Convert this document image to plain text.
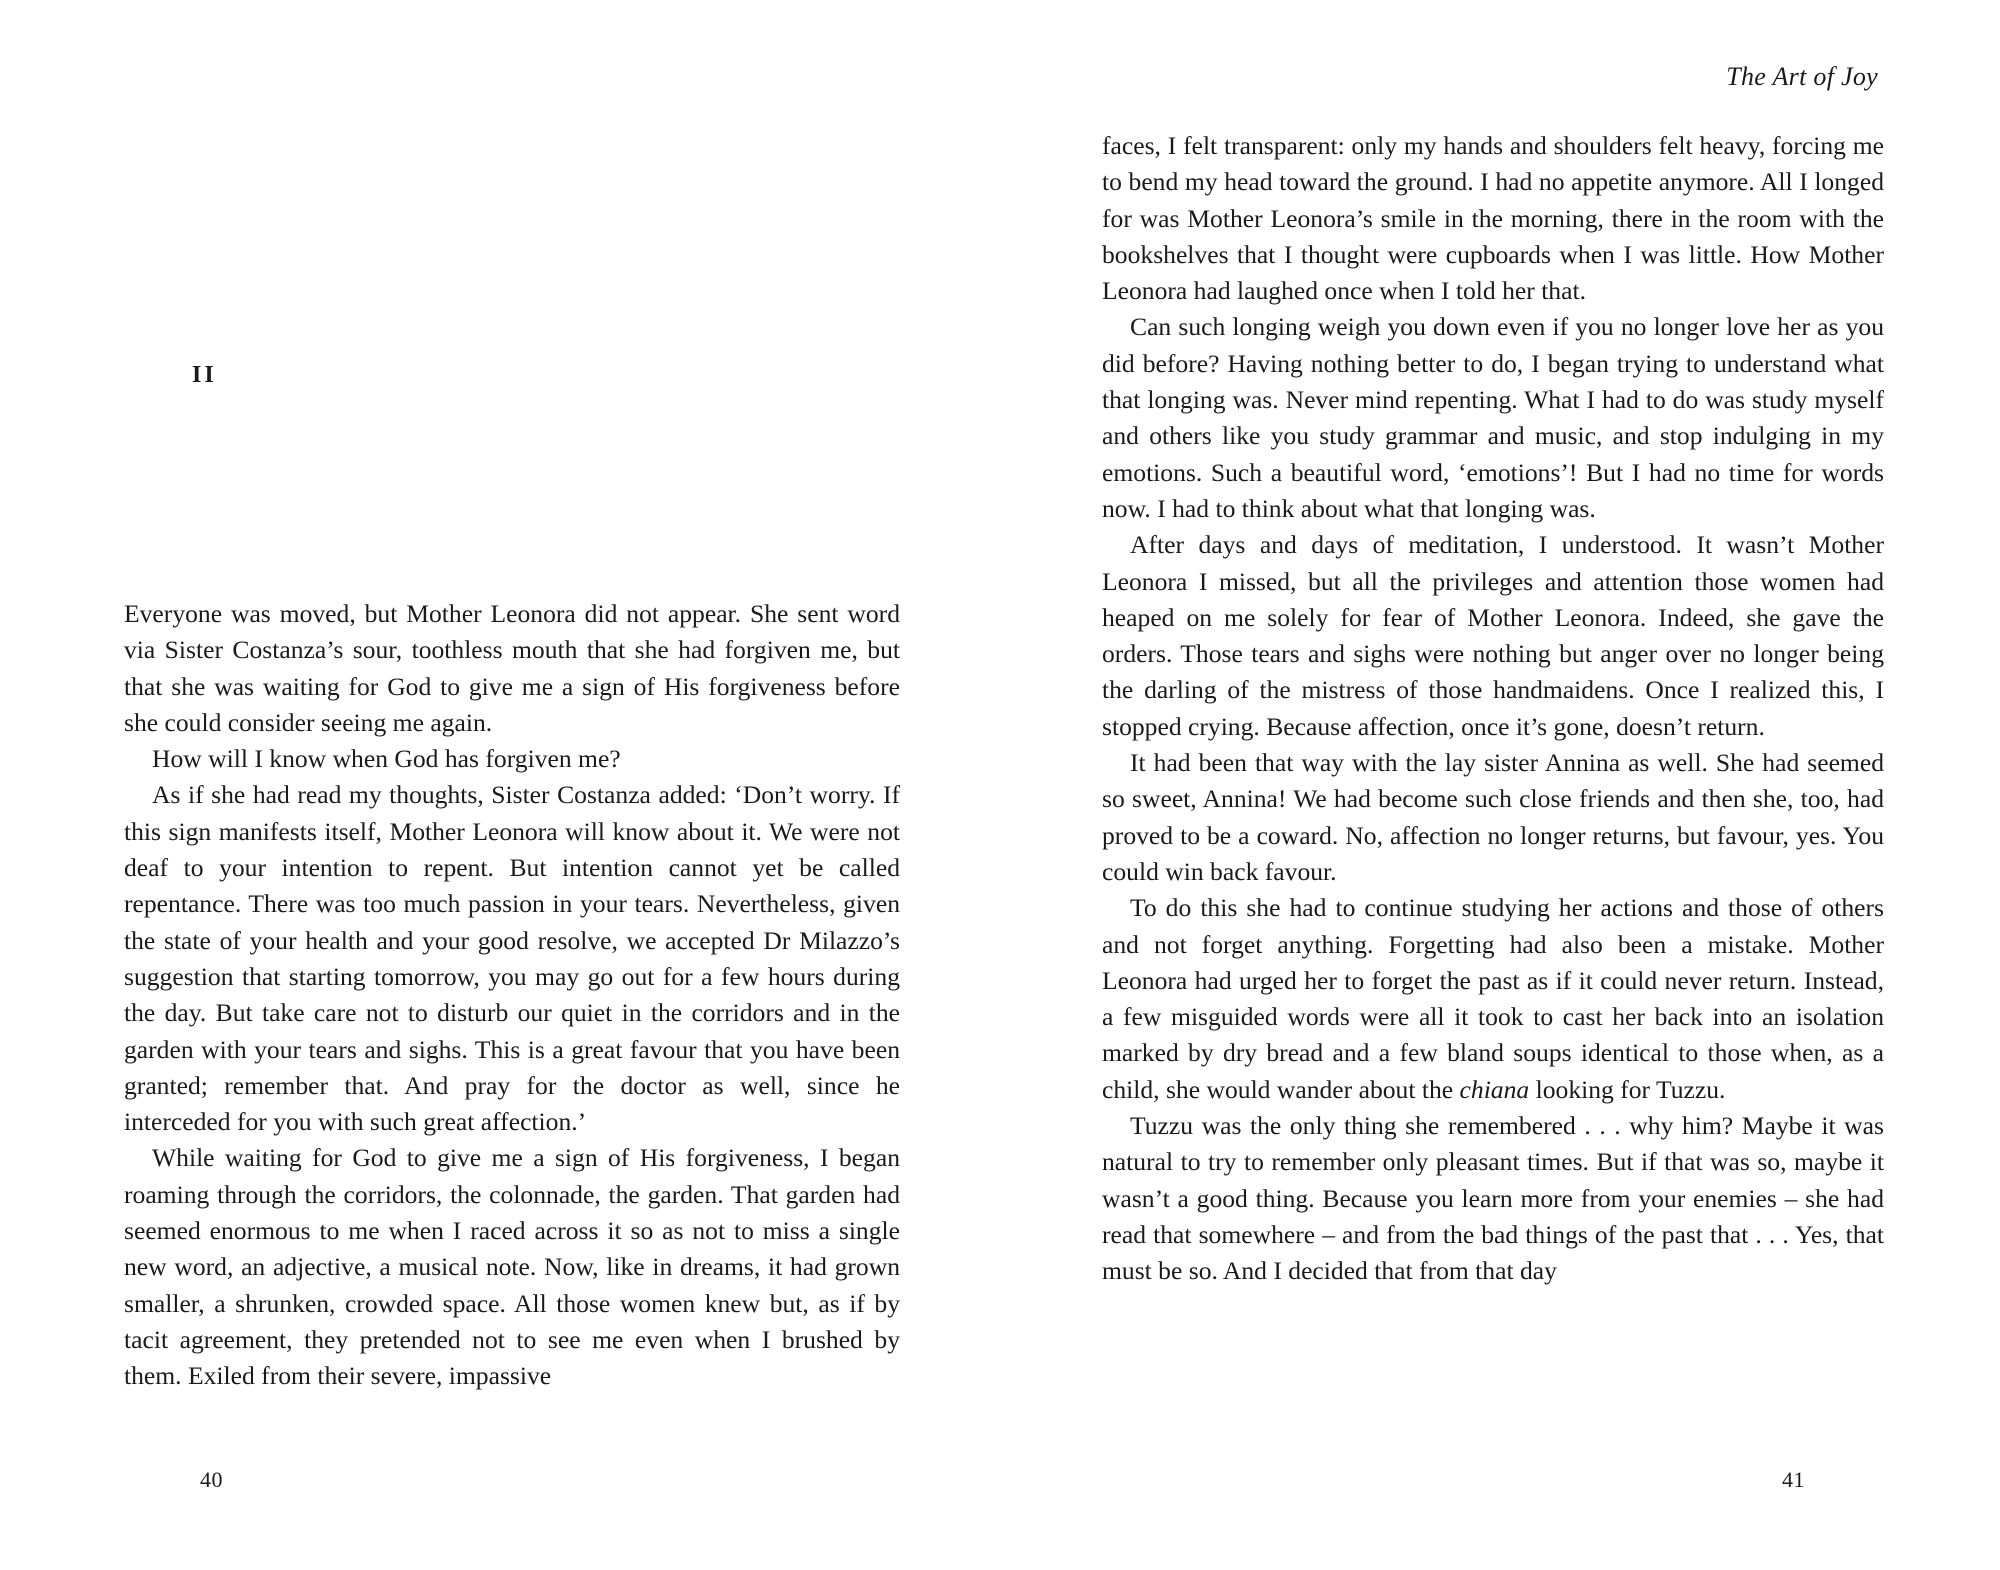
II

Everyone was moved, but Mother Leonora did not appear. She sent word via Sister Costanza’s sour, toothless mouth that she had forgiven me, but that she was waiting for God to give me a sign of His forgiveness before she could consider seeing me again.

How will I know when God has forgiven me?

As if she had read my thoughts, Sister Costanza added: ‘Don’t worry. If this sign manifests itself, Mother Leonora will know about it. We were not deaf to your intention to repent. But intention cannot yet be called repentance. There was too much passion in your tears. Nevertheless, given the state of your health and your good resolve, we accepted Dr Milazzo’s suggestion that starting tomorrow, you may go out for a few hours during the day. But take care not to disturb our quiet in the corridors and in the garden with your tears and sighs. This is a great favour that you have been granted; remember that. And pray for the doctor as well, since he interceded for you with such great affection.’

While waiting for God to give me a sign of His forgiveness, I began roaming through the corridors, the colonnade, the garden. That garden had seemed enormous to me when I raced across it so as not to miss a single new word, an adjective, a musical note. Now, like in dreams, it had grown smaller, a shrunken, crowded space. All those women knew but, as if by tacit agreement, they pretended not to see me even when I brushed by them. Exiled from their severe, impassive

40
The Art of Joy

faces, I felt transparent: only my hands and shoulders felt heavy, forcing me to bend my head toward the ground. I had no appetite anymore. All I longed for was Mother Leonora’s smile in the morning, there in the room with the bookshelves that I thought were cupboards when I was little. How Mother Leonora had laughed once when I told her that.

Can such longing weigh you down even if you no longer love her as you did before? Having nothing better to do, I began trying to understand what that longing was. Never mind repenting. What I had to do was study myself and others like you study grammar and music, and stop indulging in my emotions. Such a beautiful word, ‘emotions’! But I had no time for words now. I had to think about what that longing was.

After days and days of meditation, I understood. It wasn’t Mother Leonora I missed, but all the privileges and attention those women had heaped on me solely for fear of Mother Leonora. Indeed, she gave the orders. Those tears and sighs were nothing but anger over no longer being the darling of the mistress of those handmaidens. Once I realized this, I stopped crying. Because affection, once it’s gone, doesn’t return.

It had been that way with the lay sister Annina as well. She had seemed so sweet, Annina! We had become such close friends and then she, too, had proved to be a coward. No, affection no longer returns, but favour, yes. You could win back favour.

To do this she had to continue studying her actions and those of others and not forget anything. Forgetting had also been a mistake. Mother Leonora had urged her to forget the past as if it could never return. Instead, a few misguided words were all it took to cast her back into an isolation marked by dry bread and a few bland soups identical to those when, as a child, she would wander about the chiana looking for Tuzzu.

Tuzzu was the only thing she remembered . . . why him? Maybe it was natural to try to remember only pleasant times. But if that was so, maybe it wasn’t a good thing. Because you learn more from your enemies – she had read that somewhere – and from the bad things of the past that . . . Yes, that must be so. And I decided that from that day

41
